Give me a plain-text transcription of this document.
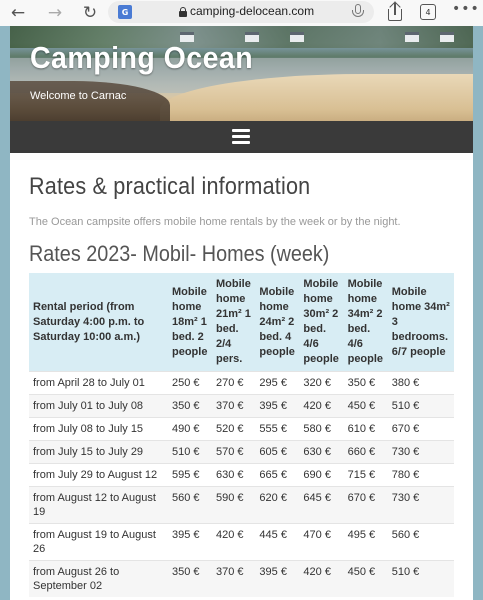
← → ↻	G	camping-delocean.com	4	•••
Camping Ocean
Welcome to Carnac
Rates & practical information
The Ocean campsite offers mobile home rentals by the week or by the night.
Rates 2023- Mobil- Homes (week)
Rental period (from Saturday 4:00 p.m. to Saturday 10:00 a.m.)	Mobile home 18m² 1 bed. 2 people	Mobile home 21m² 1 bed. 2/4 pers.	Mobile home 24m² 2 bed. 4 people	Mobile home 30m² 2 bed. 4/6 people	Mobile home 34m² 2 bed. 4/6 people	Mobile home 34m² 3 bedrooms. 6/7 people
from April 28 to July 01	250 €	270 €	295 €	320 €	350 €	380 €
from July 01 to July 08	350 €	370 €	395 €	420 €	450 €	510 €
from July 08 to July 15	490 €	520 €	555 €	580 €	610 €	670 €
from July 15 to July 29	510 €	570 €	605 €	630 €	660 €	730 €
from July 29 to August 12	595 €	630 €	665 €	690 €	715 €	780 €
from August 12 to August 19	560 €	590 €	620 €	645 €	670 €	730 €
from August 19 to August 26	395 €	420 €	445 €	470 €	495 €	560 €
from August 26 to September 02	350 €	370 €	395 €	420 €	450 €	510 €
